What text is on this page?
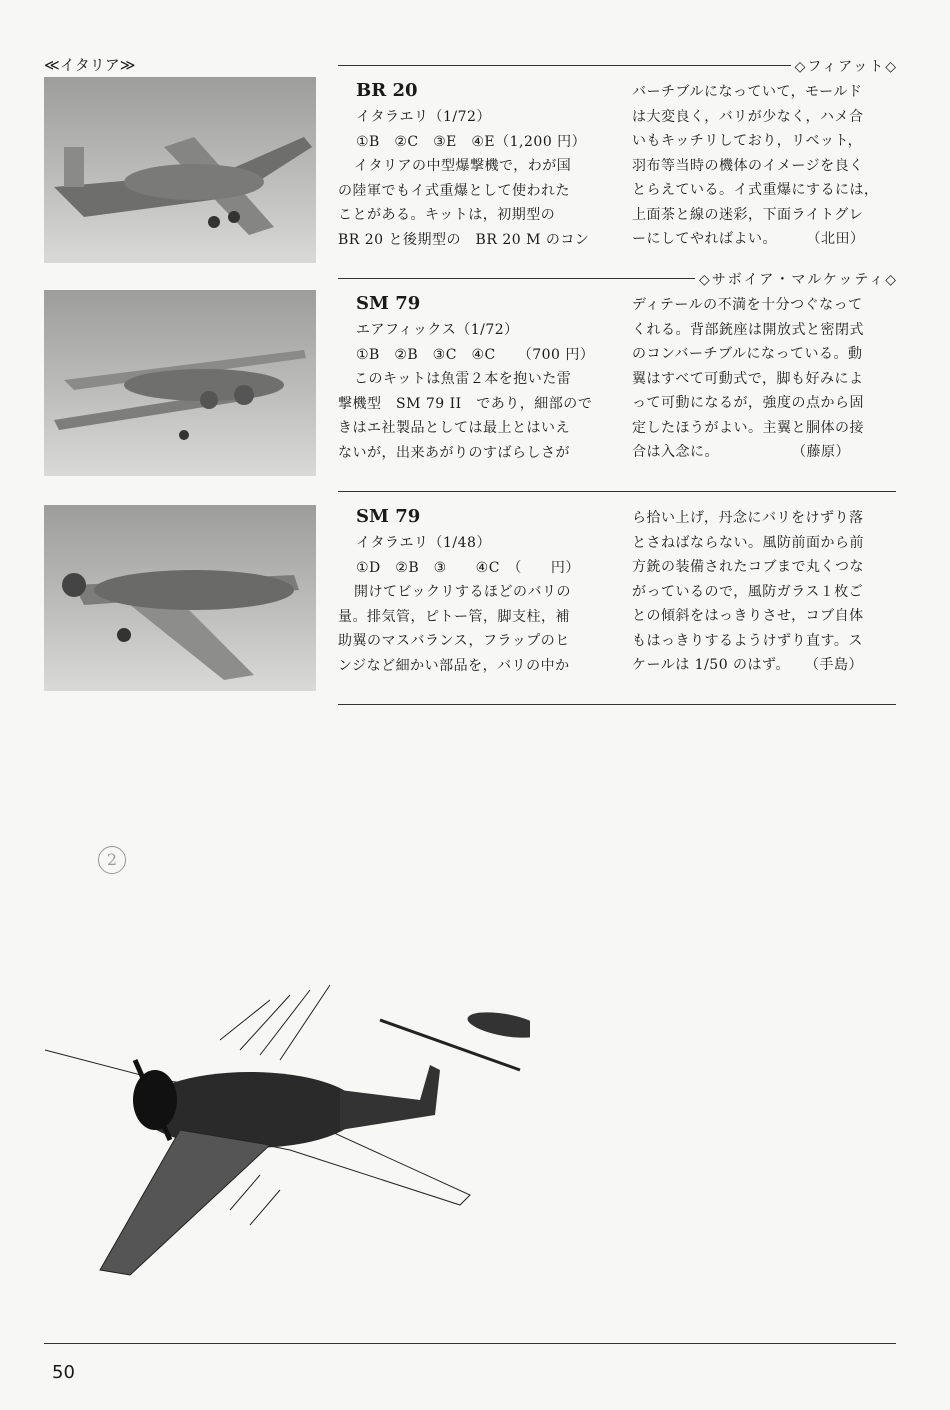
≪イタリア≫	◇フィアット◇
BR 20

イタラエリ（1/72）

①B　②C　③E　④E（1,200 円）

イタリアの中型爆撃機で，わが国

の陸軍でもイ式重爆として使われた

ことがある。キットは，初期型の

BR 20 と後期型の　BR 20 M のコン

バーチブルになっていて，モールド

は大変良く，バリが少なく，ハメ合

いもキッチリしており，リベット，

羽布等当時の機体のイメージを良く

とらえている。イ式重爆にするには，

上面茶と線の迷彩，下面ライトグレ

ーにしてやればよい。　　　（北田）

◇サボイア・マルケッティ◇
SM 79

エアフィックス（1/72）

①B　②B　③C　④C　　（700 円）

このキットは魚雷２本を抱いた雷

撃機型　SM 79 II　であり，細部ので

きはエ社製品としては最上とはいえ

ないが，出来あがりのすばらしさが

ディテールの不満を十分つぐなって

くれる。背部銃座は開放式と密閉式

のコンバーチブルになっている。動

翼はすべて可動式で，脚も好みによ

って可動になるが，強度の点から固

定したほうがよい。主翼と胴体の接

合は入念に。　　　　　　（藤原）

SM 79

イタラエリ（1/48）

①D　②B　③　　④C　（　　円）

開けてビックリするほどのバリの

量。排気管，ピトー管，脚支柱，補

助翼のマスバランス，フラップのヒ

ンジなど細かい部品を，バリの中か

ら拾い上げ，丹念にバリをけずり落

とさねばならない。風防前面から前

方銃の装備されたコブまで丸くつな

がっているので，風防ガラス１枚ご

との傾斜をはっきりさせ，コブ自体

もはっきりするようけずり直す。ス

ケールは 1/50 のはず。　　（手島）

2
50
